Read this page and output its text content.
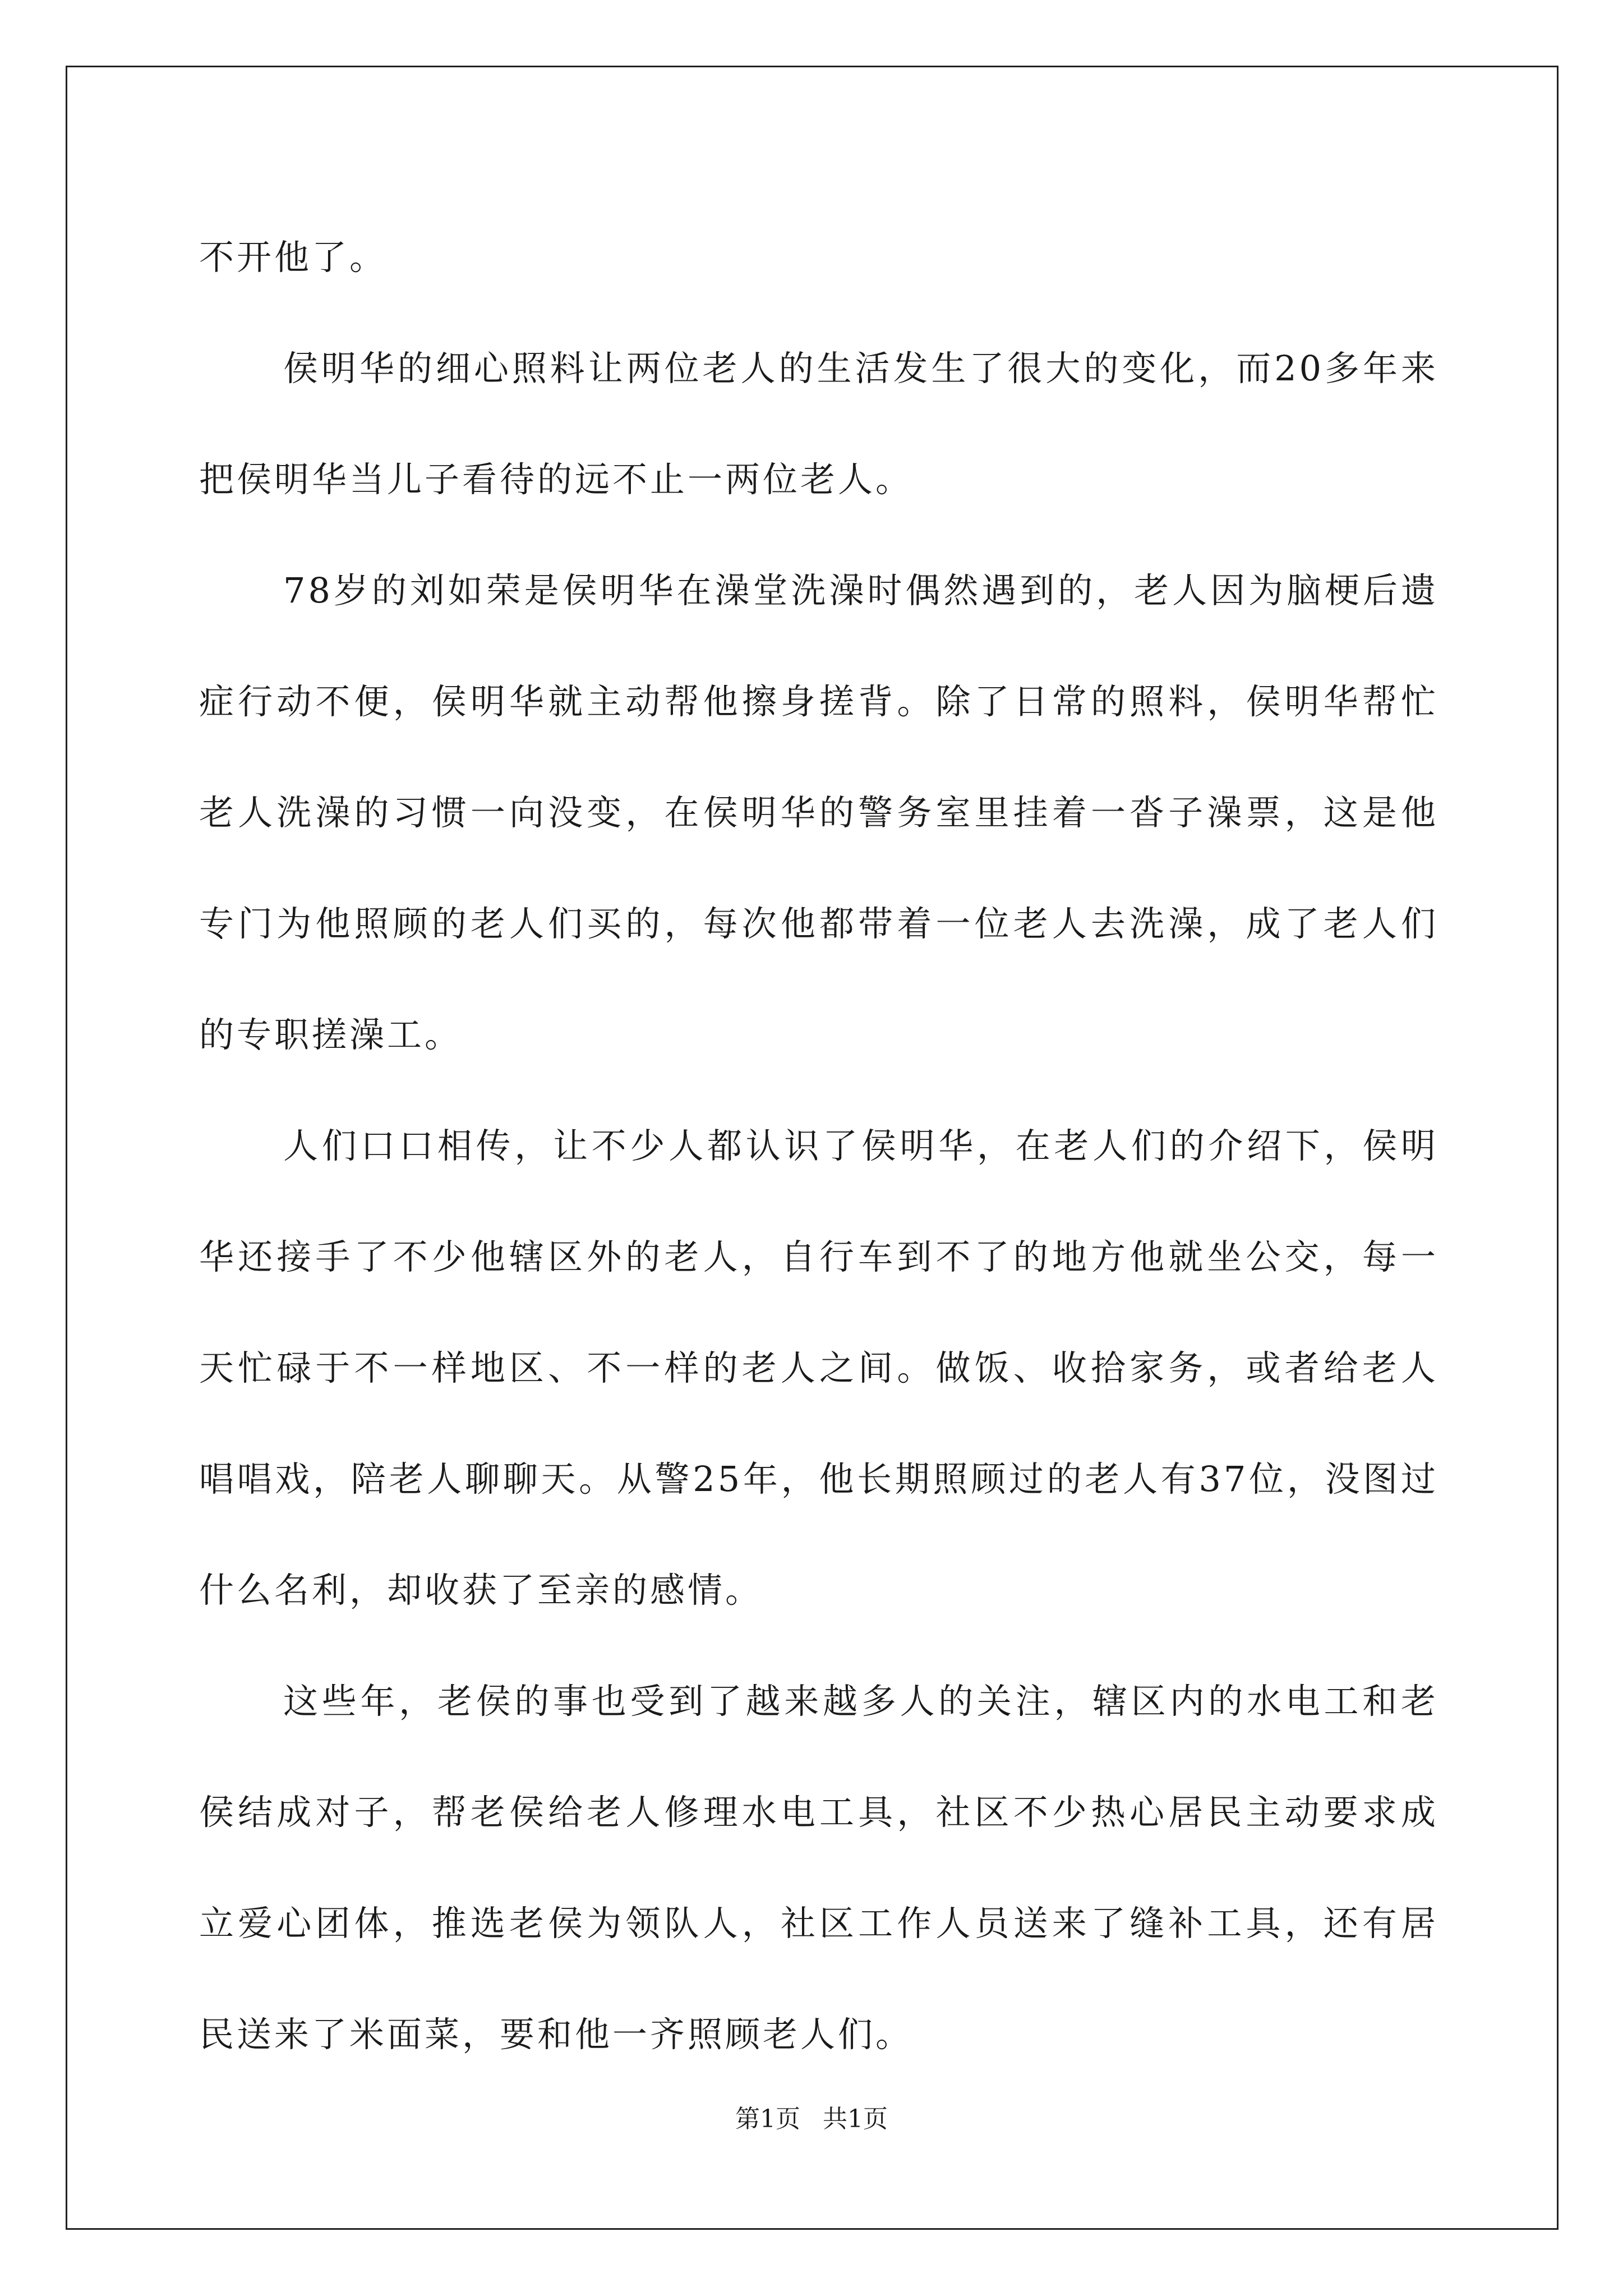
不开他了。

侯明华的细心照料让两位老人的生活发生了很大的变化，而20多年来把侯明华当儿子看待的远不止一两位老人。

78岁的刘如荣是侯明华在澡堂洗澡时偶然遇到的，老人因为脑梗后遗症行动不便，侯明华就主动帮他擦身搓背。除了日常的照料，侯明华帮忙老人洗澡的习惯一向没变，在侯明华的警务室里挂着一沓子澡票，这是他专门为他照顾的老人们买的，每次他都带着一位老人去洗澡，成了老人们的专职搓澡工。

人们口口相传，让不少人都认识了侯明华，在老人们的介绍下，侯明华还接手了不少他辖区外的老人，自行车到不了的地方他就坐公交，每一天忙碌于不一样地区、不一样的老人之间。做饭、收拾家务，或者给老人唱唱戏，陪老人聊聊天。从警25年，他长期照顾过的老人有37位，没图过什么名利，却收获了至亲的感情。

这些年，老侯的事也受到了越来越多人的关注，辖区内的水电工和老侯结成对子，帮老侯给老人修理水电工具，社区不少热心居民主动要求成立爱心团体，推选老侯为领队人，社区工作人员送来了缝补工具，还有居民送来了米面菜，要和他一齐照顾老人们。

第1页 共1页
